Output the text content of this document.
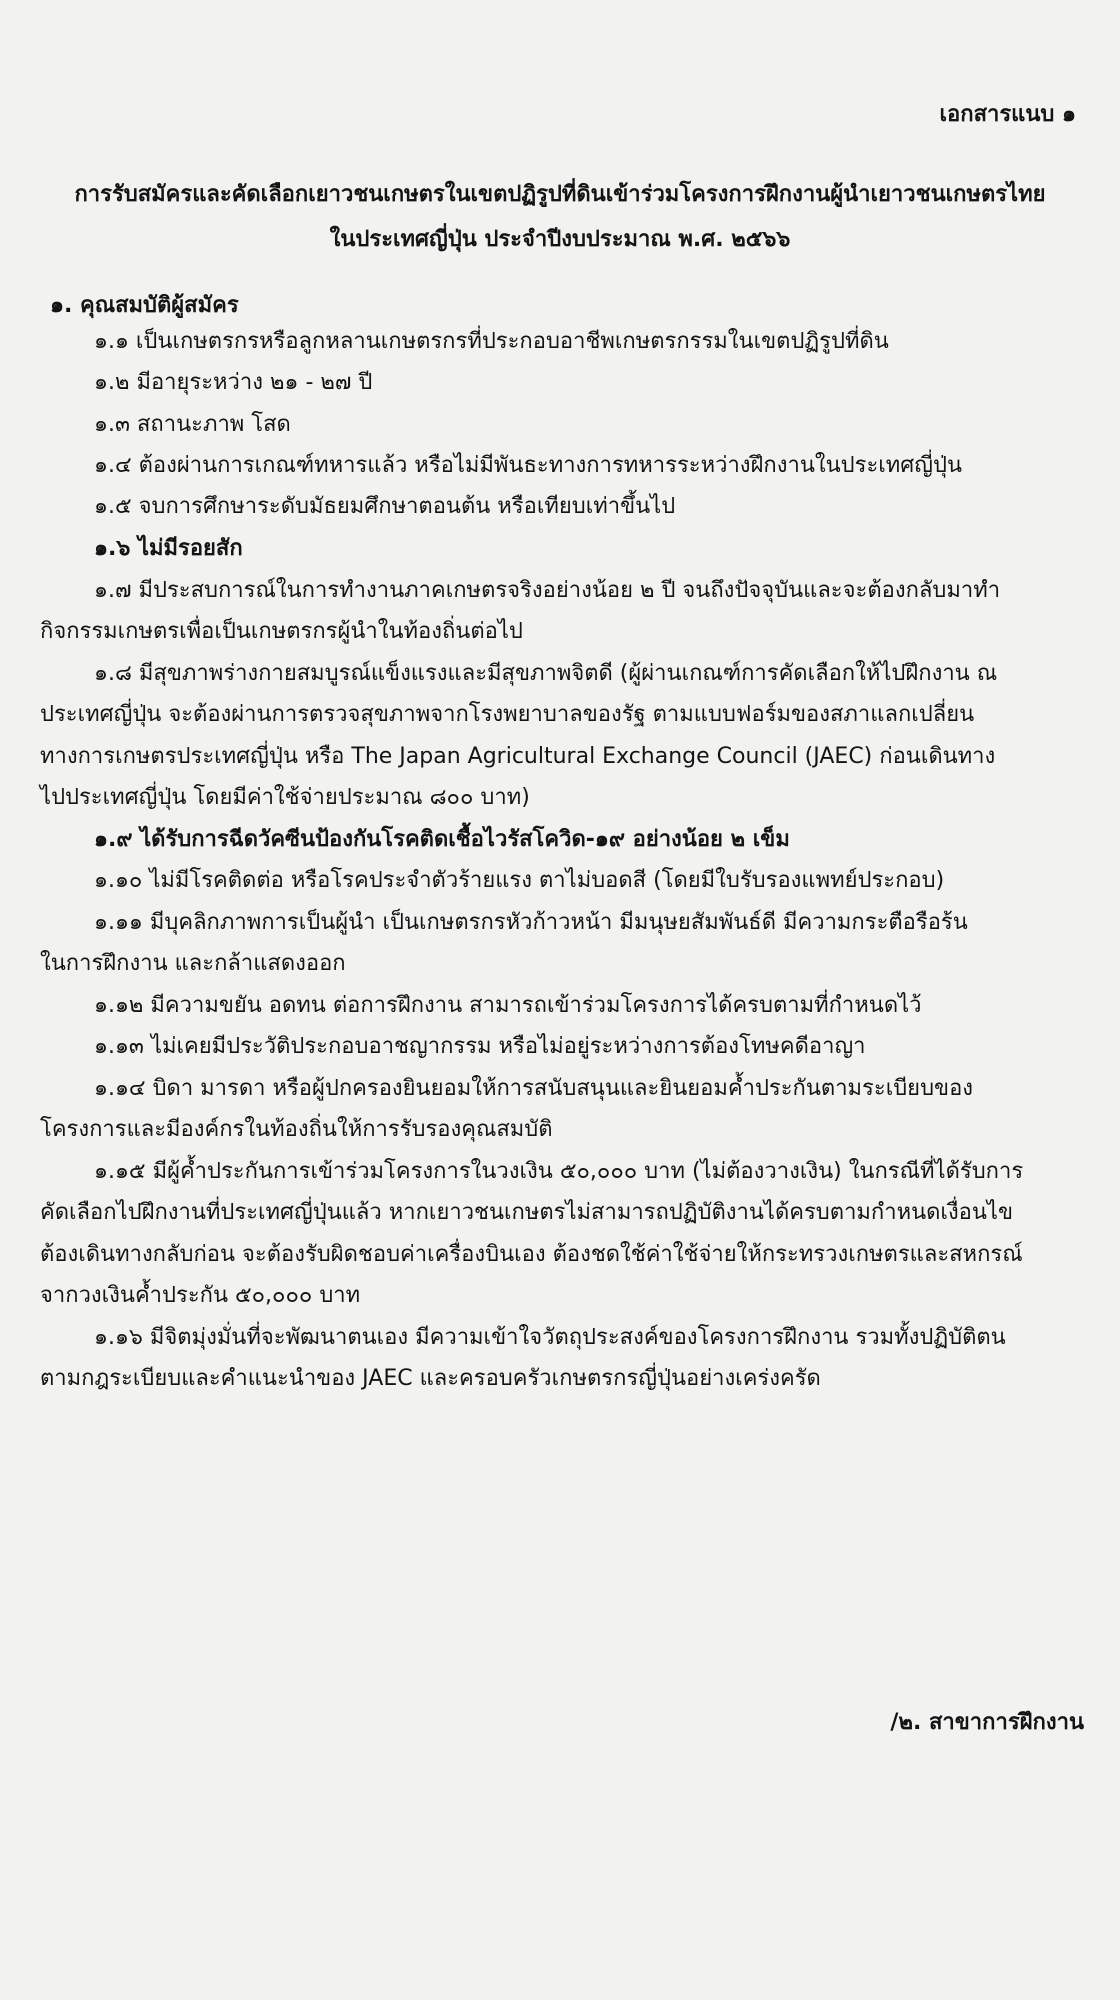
เอกสารแนบ ๑
การรับสมัครและคัดเลือกเยาวชนเกษตรในเขตปฏิรูปที่ดินเข้าร่วมโครงการฝึกงานผู้นำเยาวชนเกษตรไทย
ในประเทศญี่ปุ่น ประจำปีงบประมาณ พ.ศ. ๒๕๖๖
๑. คุณสมบัติผู้สมัคร
๑.๑ เป็นเกษตรกรหรือลูกหลานเกษตรกรที่ประกอบอาชีพเกษตรกรรมในเขตปฏิรูปที่ดิน
๑.๒ มีอายุระหว่าง ๒๑ - ๒๗ ปี
๑.๓ สถานะภาพ โสด
๑.๔ ต้องผ่านการเกณฑ์ทหารแล้ว หรือไม่มีพันธะทางการทหารระหว่างฝึกงานในประเทศญี่ปุ่น
๑.๕ จบการศึกษาระดับมัธยมศึกษาตอนต้น หรือเทียบเท่าขึ้นไป
๑.๖ ไม่มีรอยสัก
๑.๗ มีประสบการณ์ในการทำงานภาคเกษตรจริงอย่างน้อย ๒ ปี จนถึงปัจจุบันและจะต้องกลับมาทำ
กิจกรรมเกษตรเพื่อเป็นเกษตรกรผู้นำในท้องถิ่นต่อไป
๑.๘ มีสุขภาพร่างกายสมบูรณ์แข็งแรงและมีสุขภาพจิตดี (ผู้ผ่านเกณฑ์การคัดเลือกให้ไปฝึกงาน ณ
ประเทศญี่ปุ่น จะต้องผ่านการตรวจสุขภาพจากโรงพยาบาลของรัฐ ตามแบบฟอร์มของสภาแลกเปลี่ยน
ทางการเกษตรประเทศญี่ปุ่น หรือ The Japan Agricultural Exchange Council (JAEC) ก่อนเดินทาง
ไปประเทศญี่ปุ่น โดยมีค่าใช้จ่ายประมาณ ๘๐๐ บาท)
๑.๙ ได้รับการฉีดวัคซีนป้องกันโรคติดเชื้อไวรัสโควิด-๑๙ อย่างน้อย ๒ เข็ม
๑.๑๐ ไม่มีโรคติดต่อ หรือโรคประจำตัวร้ายแรง ตาไม่บอดสี (โดยมีใบรับรองแพทย์ประกอบ)
๑.๑๑ มีบุคลิกภาพการเป็นผู้นำ เป็นเกษตรกรหัวก้าวหน้า มีมนุษยสัมพันธ์ดี มีความกระตือรือร้น
ในการฝึกงาน และกล้าแสดงออก
๑.๑๒ มีความขยัน อดทน ต่อการฝึกงาน สามารถเข้าร่วมโครงการได้ครบตามที่กำหนดไว้
๑.๑๓ ไม่เคยมีประวัติประกอบอาชญากรรม หรือไม่อยู่ระหว่างการต้องโทษคดีอาญา
๑.๑๔ บิดา มารดา หรือผู้ปกครองยินยอมให้การสนับสนุนและยินยอมค้ำประกันตามระเบียบของ
โครงการและมีองค์กรในท้องถิ่นให้การรับรองคุณสมบัติ
๑.๑๕ มีผู้ค้ำประกันการเข้าร่วมโครงการในวงเงิน ๕๐,๐๐๐ บาท (ไม่ต้องวางเงิน) ในกรณีที่ได้รับการ
คัดเลือกไปฝึกงานที่ประเทศญี่ปุ่นแล้ว หากเยาวชนเกษตรไม่สามารถปฏิบัติงานได้ครบตามกำหนดเงื่อนไข
ต้องเดินทางกลับก่อน จะต้องรับผิดชอบค่าเครื่องบินเอง ต้องชดใช้ค่าใช้จ่ายให้กระทรวงเกษตรและสหกรณ์
จากวงเงินค้ำประกัน ๕๐,๐๐๐ บาท
๑.๑๖ มีจิตมุ่งมั่นที่จะพัฒนาตนเอง มีความเข้าใจวัตถุประสงค์ของโครงการฝึกงาน รวมทั้งปฏิบัติตน
ตามกฎระเบียบและคำแนะนำของ JAEC และครอบครัวเกษตรกรญี่ปุ่นอย่างเคร่งครัด
/๒. สาขาการฝึกงาน
